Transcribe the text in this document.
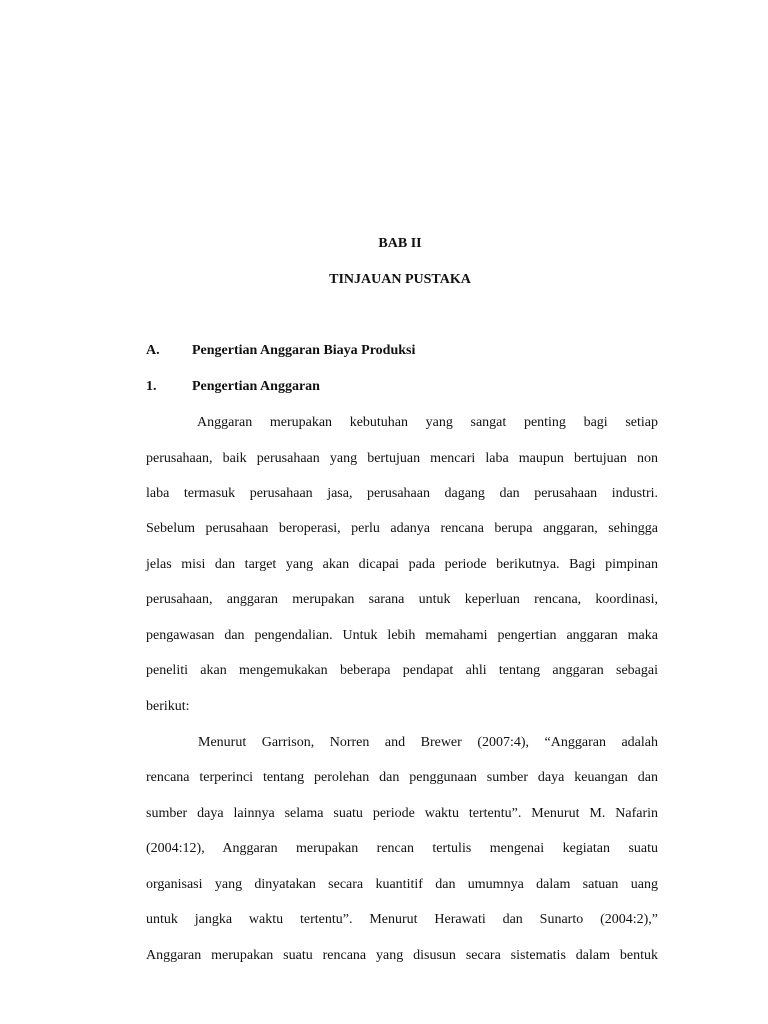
BAB II
TINJAUAN PUSTAKA
A. Pengertian Anggaran Biaya Produksi
1.	Pengertian Anggaran
Anggaran merupakan kebutuhan yang sangat penting bagi setiap
perusahaan, baik perusahaan yang bertujuan mencari laba maupun bertujuan non
laba termasuk perusahaan jasa, perusahaan dagang dan perusahaan industri.
Sebelum perusahaan beroperasi, perlu adanya rencana berupa anggaran, sehingga
jelas misi dan target yang akan dicapai pada periode berikutnya. Bagi pimpinan
perusahaan, anggaran merupakan sarana untuk keperluan rencana, koordinasi,
pengawasan dan pengendalian. Untuk lebih memahami pengertian anggaran maka
peneliti akan mengemukakan beberapa pendapat ahli tentang anggaran sebagai
berikut:
Menurut Garrison, Norren and Brewer (2007:4), “Anggaran adalah
rencana terperinci tentang perolehan dan penggunaan sumber daya keuangan dan
sumber daya lainnya selama suatu periode waktu tertentu”. Menurut M. Nafarin
(2004:12), Anggaran merupakan rencan tertulis mengenai kegiatan suatu
organisasi yang dinyatakan secara kuantitif dan umumnya dalam satuan uang
untuk jangka waktu tertentu”. Menurut Herawati dan Sunarto (2004:2),”
Anggaran merupakan suatu rencana yang disusun secara sistematis dalam bentuk
